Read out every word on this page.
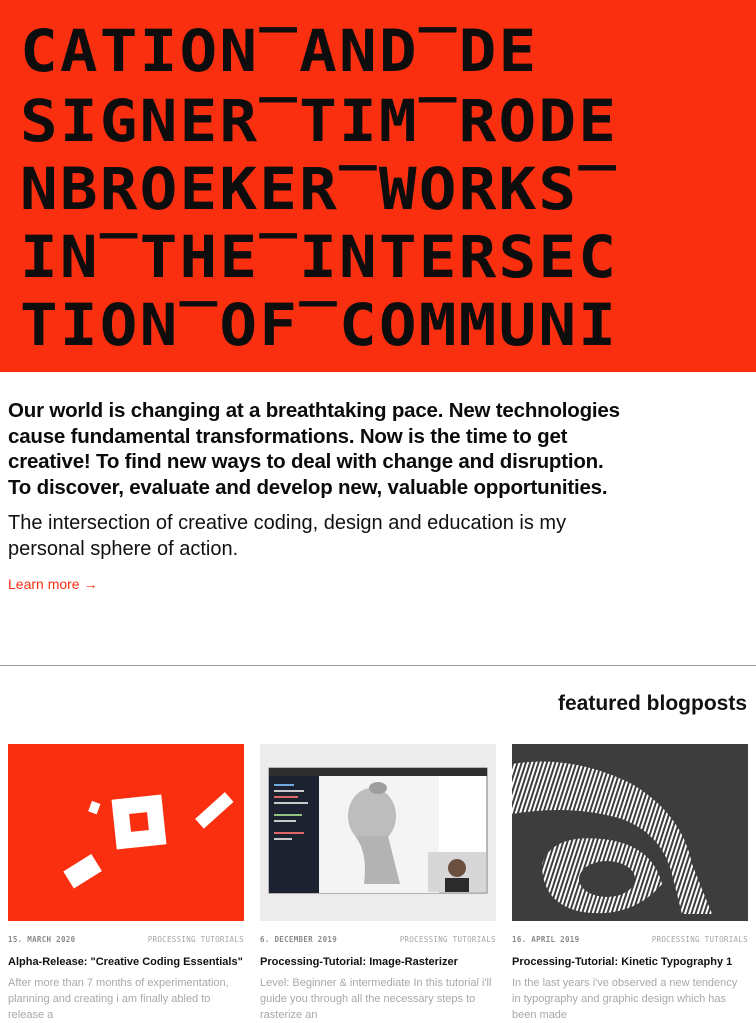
CATION‾AND‾DE
SIGNER‾TIM‾RODE
NBROEKER‾WORKS‾
IN‾THE‾INTERSEC
TION‾OF‾COMMUNI

Our world is changing at a breathtaking pace. New technologies cause fundamental transformations. Now is the time to get creative! To find new ways to deal with change and disruption. To discover, evaluate and develop new, valuable opportunities.

The intersection of creative coding, design and education is my personal sphere of action.

Learn more →
featured blogposts
15. MARCH 2020	PROCESSING TUTORIALS
Alpha-Release: "Creative Coding Essentials"

After more than 7 months of experimentation, planning and creating i am finally abled to release a

6. DECEMBER 2019	PROCESSING TUTORIALS
Processing-Tutorial: Image-Rasterizer

Level: Beginner & intermediate In this tutorial i'll guide you through all the necessary steps to rasterize an

16. APRIL 2019	PROCESSING TUTORIALS
Processing-Tutorial: Kinetic Typography 1

In the last years i've observed a new tendency in typography and graphic design which has been made
